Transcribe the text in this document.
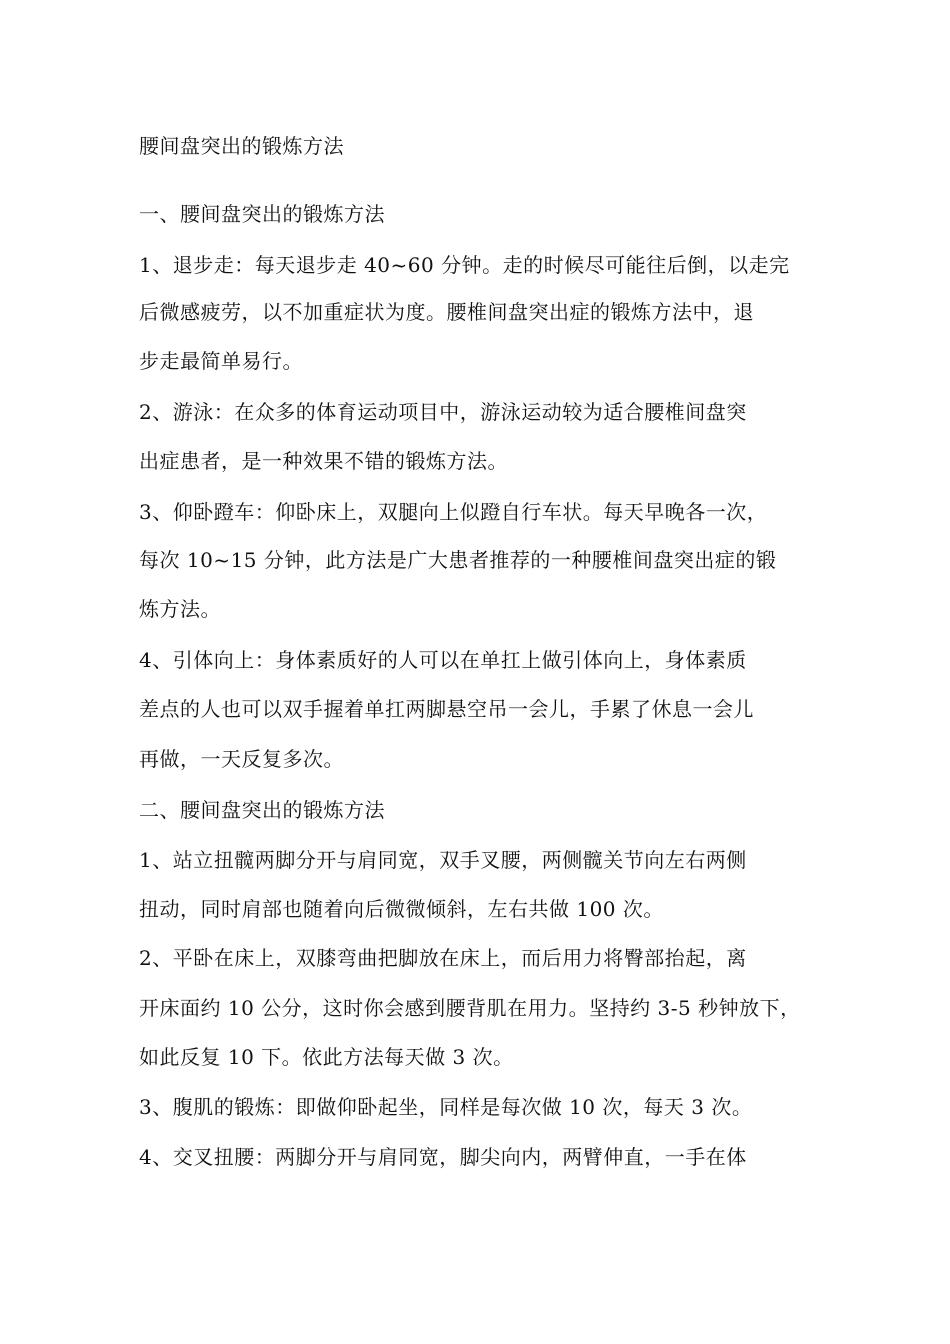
腰间盘突出的锻炼方法
一、腰间盘突出的锻炼方法
1、退步走：每天退步走 40~60 分钟。走的时候尽可能往后倒，以走完
后微感疲劳，以不加重症状为度。腰椎间盘突出症的锻炼方法中，退
步走最简单易行。
2、游泳：在众多的体育运动项目中，游泳运动较为适合腰椎间盘突
出症患者，是一种效果不错的锻炼方法。
3、仰卧蹬车：仰卧床上，双腿向上似蹬自行车状。每天早晚各一次，
每次 10~15 分钟，此方法是广大患者推荐的一种腰椎间盘突出症的锻
炼方法。
4、引体向上：身体素质好的人可以在单扛上做引体向上，身体素质
差点的人也可以双手握着单扛两脚悬空吊一会儿，手累了休息一会儿
再做，一天反复多次。
二、腰间盘突出的锻炼方法
1、站立扭髋两脚分开与肩同宽，双手叉腰，两侧髋关节向左右两侧
扭动，同时肩部也随着向后微微倾斜，左右共做 100 次。
2、平卧在床上，双膝弯曲把脚放在床上，而后用力将臀部抬起，离
开床面约 10 公分，这时你会感到腰背肌在用力。坚持约 3-5 秒钟放下，
如此反复 10 下。依此方法每天做 3 次。
3、腹肌的锻炼：即做仰卧起坐，同样是每次做 10 次，每天 3 次。
4、交叉扭腰：两脚分开与肩同宽，脚尖向内，两臂伸直，一手在体
